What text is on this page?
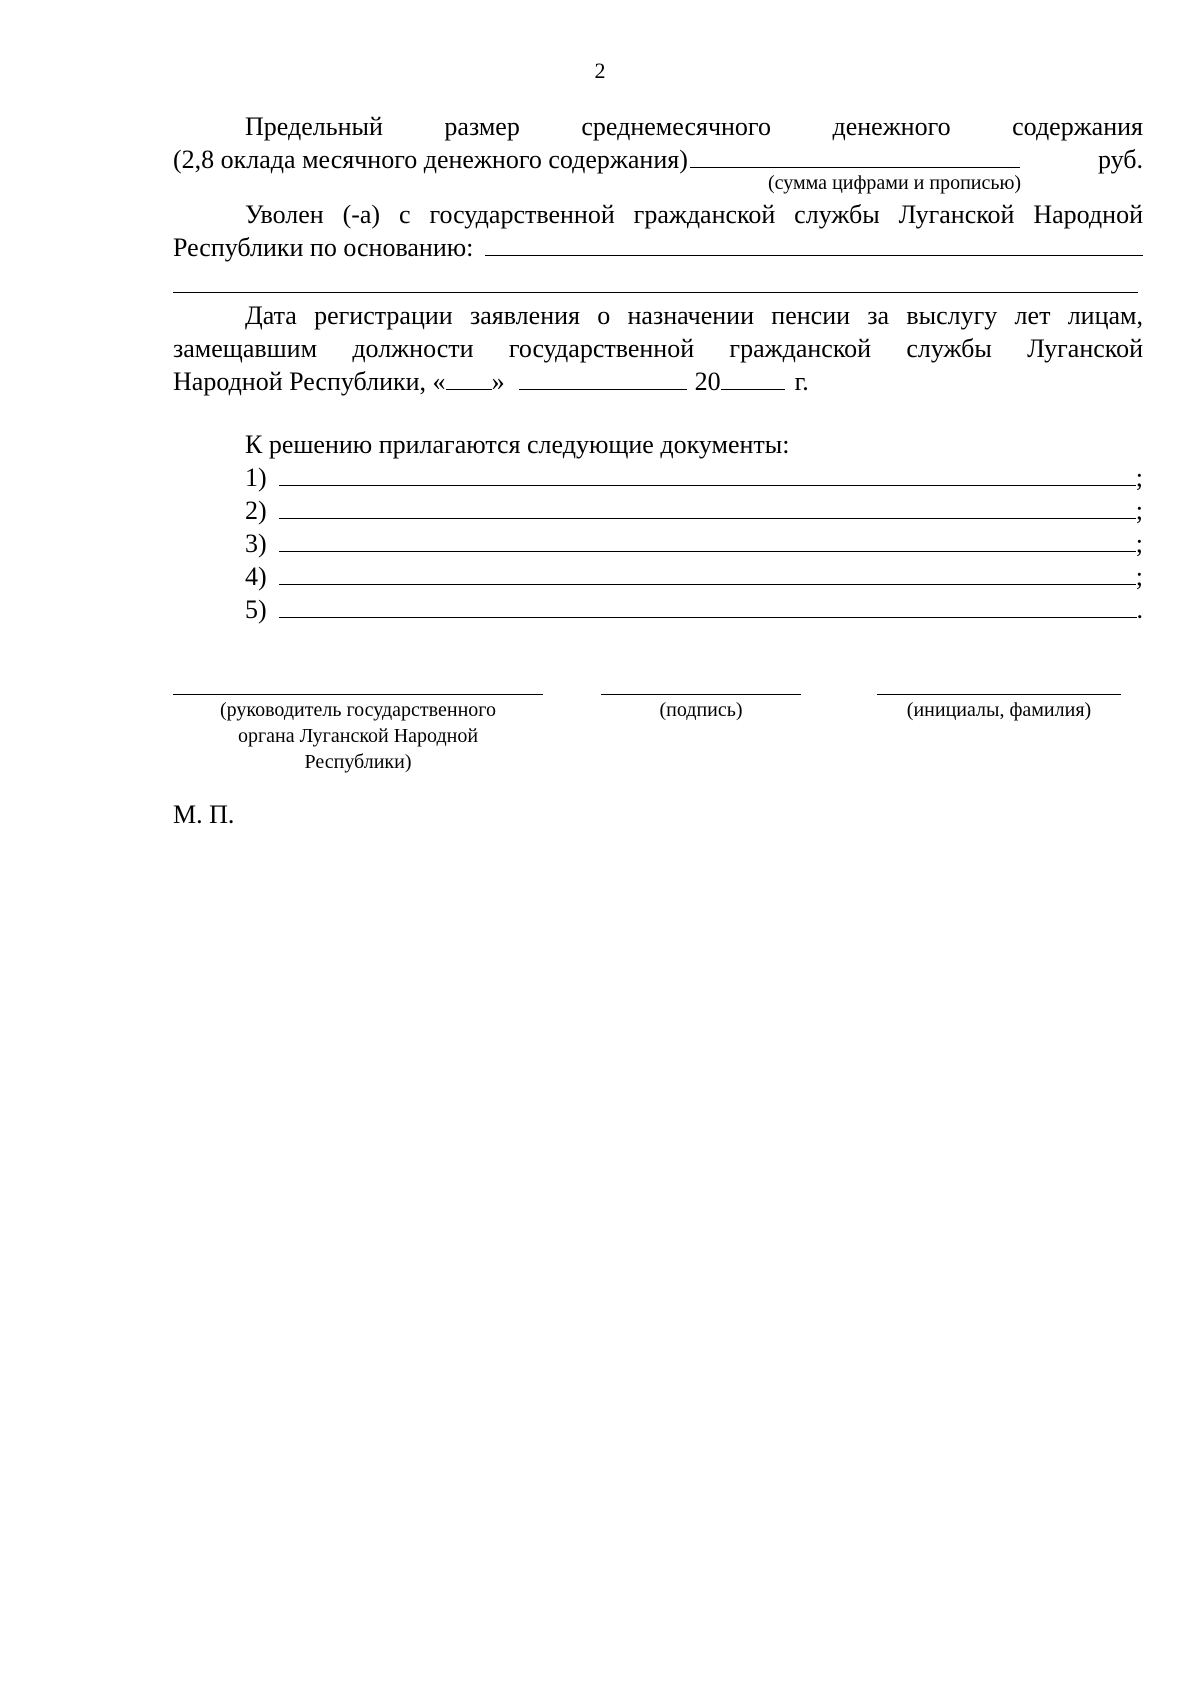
2

Предельный размер среднемесячного денежного содержания

(2,8 оклада месячного денежного содержания)	руб.
(сумма цифрами и прописью)

Уволен (-а) с государственной гражданской службы Луганской Народной

Республики по основанию:

Дата регистрации заявления о назначении пенсии за выслугу лет лицам,

замещавшим должности государственной гражданской службы Луганской

Народной Республики, « »	20	г.

К решению прилагаются следующие документы:

1)	;
2)	;
3)	;
4)	;
5)	.
(руководитель государственного
органа Луганской Народной
Республики)
(подпись)	(инициалы, фамилия)
М. П.
